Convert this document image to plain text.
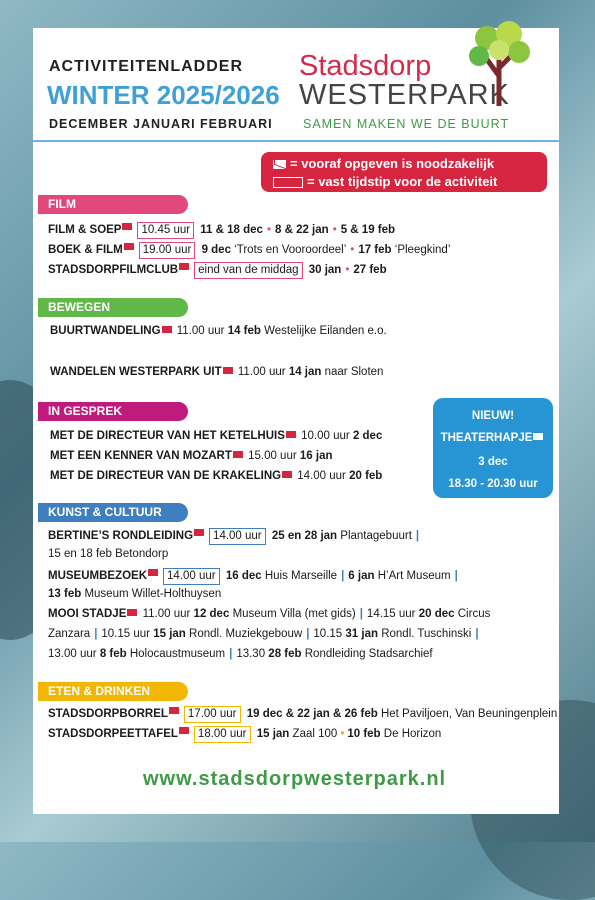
ACTIVITEITENLADDER
WINTER 2025/2026
DECEMBER JANUARI FEBRUARI
Stadsdorp
WESTERPARK
SAMEN MAKEN WE DE BUURT
= vooraf opgeven is noodzakelijk
= vast tijdstip voor de activiteit
FILM
FILM & SOEP 10.45 uur 11 & 18 dec • 8 & 22 jan • 5 & 19 feb
BOEK & FILM 19.00 uur 9 dec ‘Trots en Vooroordeel’ • 17 feb ‘Pleegkind’
STADSDORPFILMCLUB eind van de middag 30 jan • 27 feb
BEWEGEN
BUURTWANDELING 11.00 uur 14 feb Westelijke Eilanden e.o.
WANDELEN WESTERPARK UIT 11.00 uur 14 jan naar Sloten
IN GESPREK
MET DE DIRECTEUR VAN HET KETELHUIS 10.00 uur 2 dec
MET EEN KENNER VAN MOZART 15.00 uur 16 jan
MET DE DIRECTEUR VAN DE KRAKELING 14.00 uur 20 feb
NIEUW!
THEATERHAPJE
3 dec
18.30 - 20.30 uur
KUNST & CULTUUR
BERTINE’S RONDLEIDING 14.00 uur 25 en 28 jan Plantagebuurt |
15 en 18 feb Betondorp
MUSEUMBEZOEK 14.00 uur 16 dec Huis Marseille | 6 jan H’Art Museum |
13 feb Museum Willet-Holthuysen
MOOI STADJE 11.00 uur 12 dec Museum Villa (met gids) | 14.15 uur 20 dec Circus
Zanzara | 10.15 uur 15 jan Rondl. Muziekgebouw | 10.15 31 jan Rondl. Tuschinski |
13.00 uur 8 feb Holocaustmuseum | 13.30 28 feb Rondleiding Stadsarchief
ETEN & DRINKEN
STADSDORPBORREL 17.00 uur 19 dec & 22 jan & 26 feb Het Paviljoen, Van Beuningenplein
STADSDORPEETTAFEL 18.00 uur 15 jan Zaal 100 • 10 feb De Horizon
www.stadsdorpwesterpark.nl
